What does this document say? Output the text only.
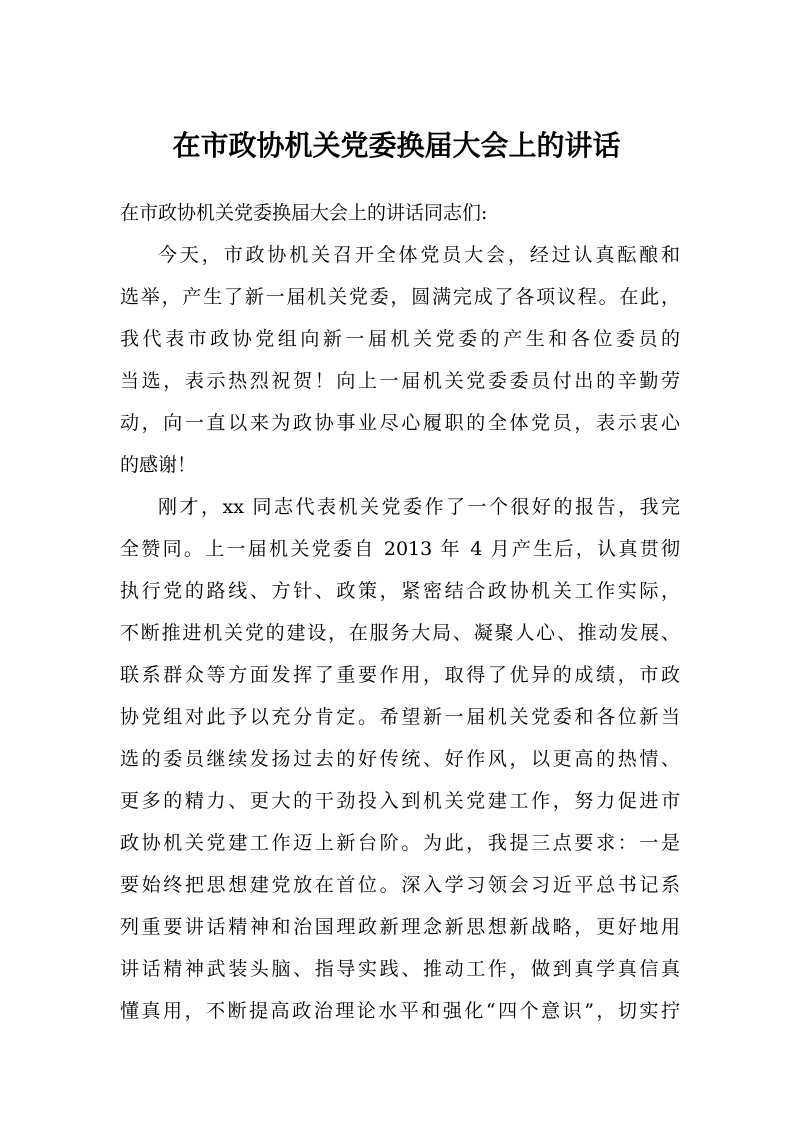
在市政协机关党委换届大会上的讲话
在市政协机关党委换届大会上的讲话同志们:
今天，市政协机关召开全体党员大会，经过认真酝酿和
选举，产生了新一届机关党委，圆满完成了各项议程。在此，
我代表市政协党组向新一届机关党委的产生和各位委员的
当选，表示热烈祝贺！向上一届机关党委委员付出的辛勤劳
动，向一直以来为政协事业尽心履职的全体党员，表示衷心
的感谢！
刚才，xx 同志代表机关党委作了一个很好的报告，我完
全赞同。上一届机关党委自 2013 年 4 月产生后，认真贯彻
执行党的路线、方针、政策，紧密结合政协机关工作实际，
不断推进机关党的建设，在服务大局、凝聚人心、推动发展、
联系群众等方面发挥了重要作用，取得了优异的成绩，市政
协党组对此予以充分肯定。希望新一届机关党委和各位新当
选的委员继续发扬过去的好传统、好作风，以更高的热情、
更多的精力、更大的干劲投入到机关党建工作，努力促进市
政协机关党建工作迈上新台阶。为此，我提三点要求：一是
要始终把思想建党放在首位。深入学习领会习近平总书记系
列重要讲话精神和治国理政新理念新思想新战略，更好地用
讲话精神武装头脑、指导实践、推动工作，做到真学真信真
懂真用，不断提高政治理论水平和强化“四个意识”，切实拧
